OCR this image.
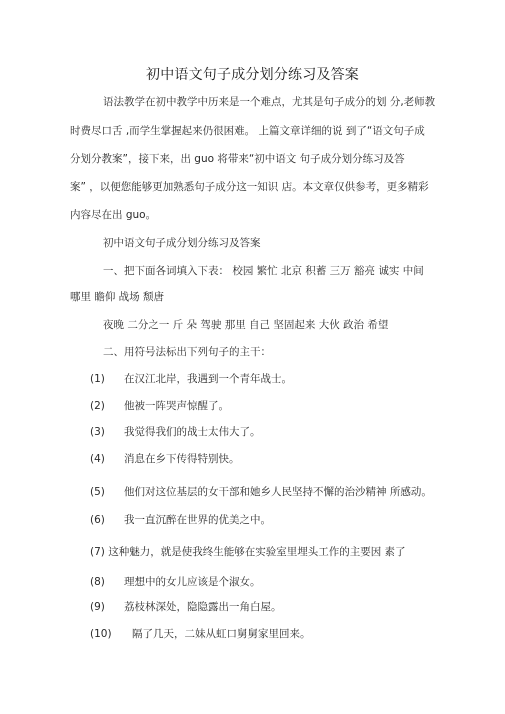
初中语文句子成分划分练习及答案
语法教学在初中教学中历来是一个难点，尤其是句子成分的划 分,老师教
时费尽口舌 ,而学生掌握起来仍很困难。 上篇文章详细的说 到了“语文句子成
分划分教案”，接下来，出 guo 将带来“初中语文 句子成分划分练习及答
案” ，以便您能够更加熟悉句子成分这一知识 店。本文章仅供参考，更多精彩
内容尽在出 guo。
初中语文句子成分划分练习及答案
一、把下面各词填入下表： 校园 繁忙 北京 积蓄 三万 豁亮 诚实 中间
哪里 瞻仰 战场 颓唐
夜晚 二分之一 斤 朵 驾驶 那里 自己 坚固起来 大伙 政治 希望
二、用符号法标出下列句子的主干：
(1) 在汉江北岸，我遇到一个青年战士。
(2) 他被一阵哭声惊醒了。
(3) 我觉得我们的战士太伟大了。
(4) 消息在乡下传得特别快。
(5) 他们对这位基层的女干部和她乡人民坚持不懈的治沙精神 所感动。
(6) 我一直沉醉在世界的优美之中。
(7) 这种魅力，就是使我终生能够在实验室里埋头工作的主要因 素了
(8) 理想中的女儿应该是个淑女。
(9) 荔枝林深处，隐隐露出一角白屋。
(10) 隔了几天，二妹从虹口舅舅家里回来。
